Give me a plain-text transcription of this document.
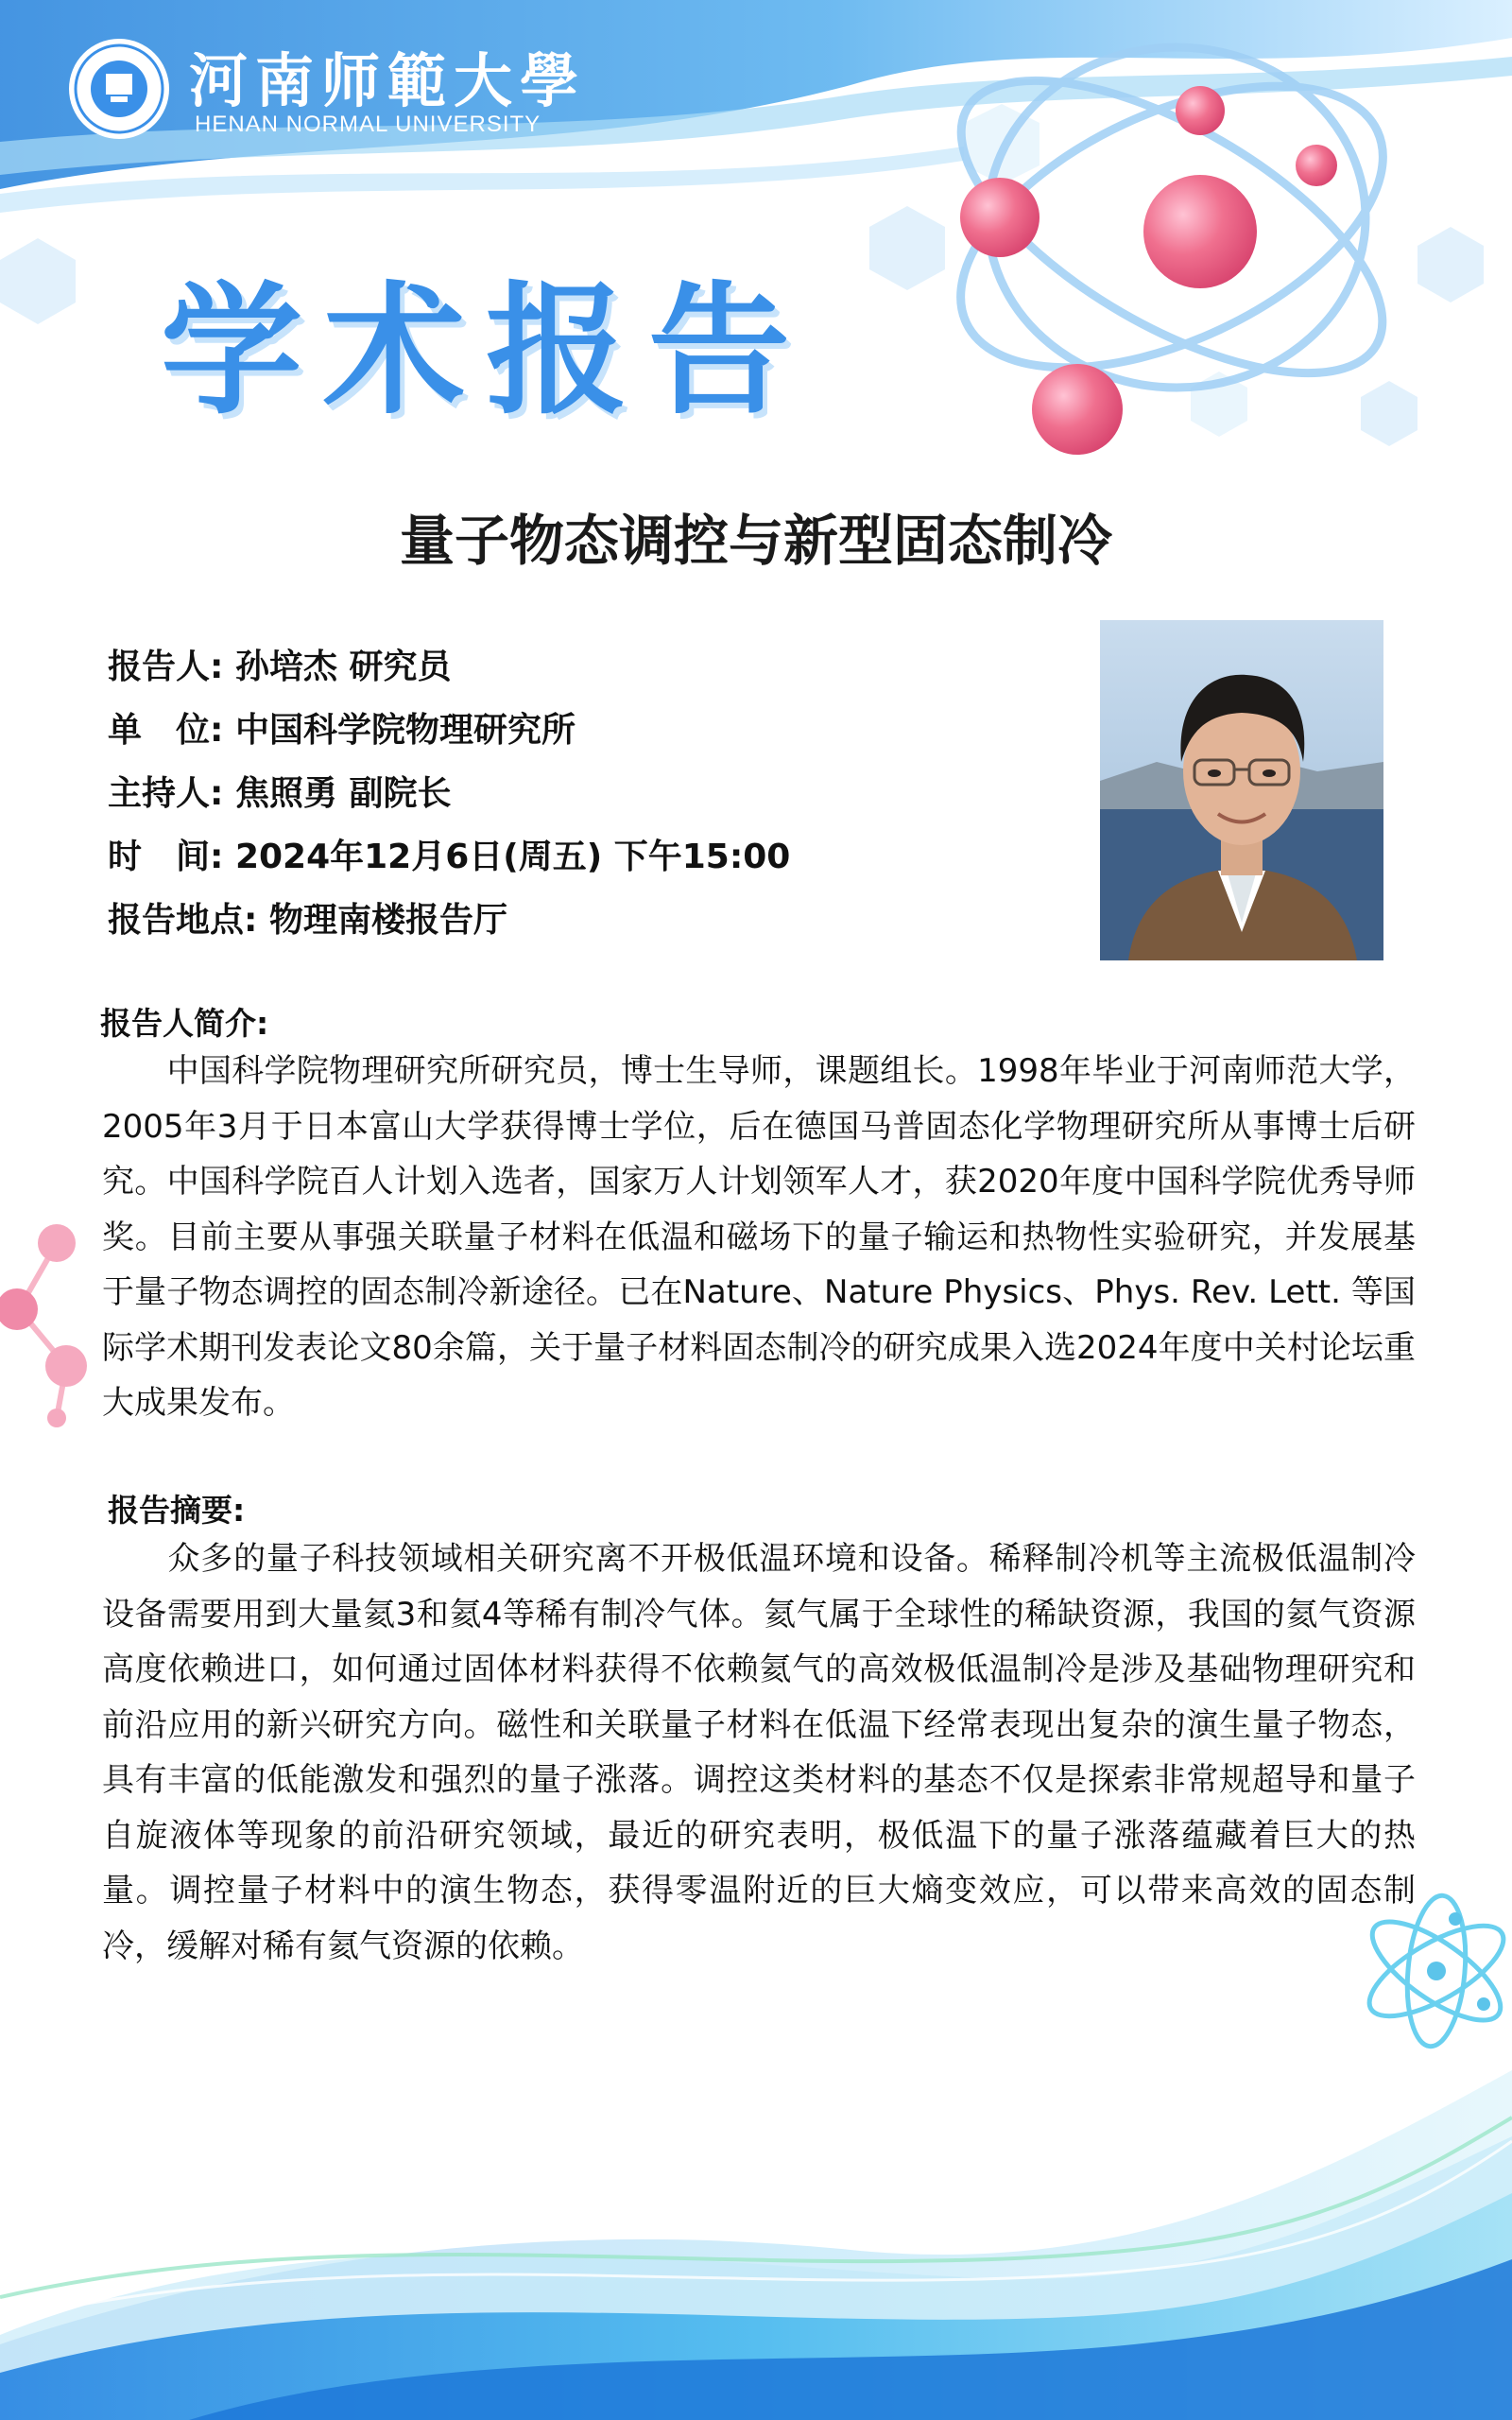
河南师範大學
HENAN NORMAL UNIVERSITY
学术报告
量子物态调控与新型固态制冷
报告人: 孙培杰 研究员
单　位: 中国科学院物理研究所
主持人: 焦照勇 副院长
时　间: 2024年12月6日(周五) 下午15:00
报告地点: 物理南楼报告厅
报告人简介:
　　中国科学院物理研究所研究员，博士生导师，课题组长。1998年毕业于河南师范大学，2005年3月于日本富山大学获得博士学位，后在德国马普固态化学物理研究所从事博士后研究。中国科学院百人计划入选者，国家万人计划领军人才，获2020年度中国科学院优秀导师奖。目前主要从事强关联量子材料在低温和磁场下的量子输运和热物性实验研究，并发展基于量子物态调控的固态制冷新途径。已在Nature、Nature Physics、Phys. Rev. Lett. 等国际学术期刊发表论文80余篇，关于量子材料固态制冷的研究成果入选2024年度中关村论坛重大成果发布。
报告摘要:
　　众多的量子科技领域相关研究离不开极低温环境和设备。稀释制冷机等主流极低温制冷设备需要用到大量氦3和氦4等稀有制冷气体。氦气属于全球性的稀缺资源，我国的氦气资源高度依赖进口，如何通过固体材料获得不依赖氦气的高效极低温制冷是涉及基础物理研究和前沿应用的新兴研究方向。磁性和关联量子材料在低温下经常表现出复杂的演生量子物态，具有丰富的低能激发和强烈的量子涨落。调控这类材料的基态不仅是探索非常规超导和量子自旋液体等现象的前沿研究领域，最近的研究表明，极低温下的量子涨落蕴藏着巨大的热量。调控量子材料中的演生物态，获得零温附近的巨大熵变效应，可以带来高效的固态制冷，缓解对稀有氦气资源的依赖。
